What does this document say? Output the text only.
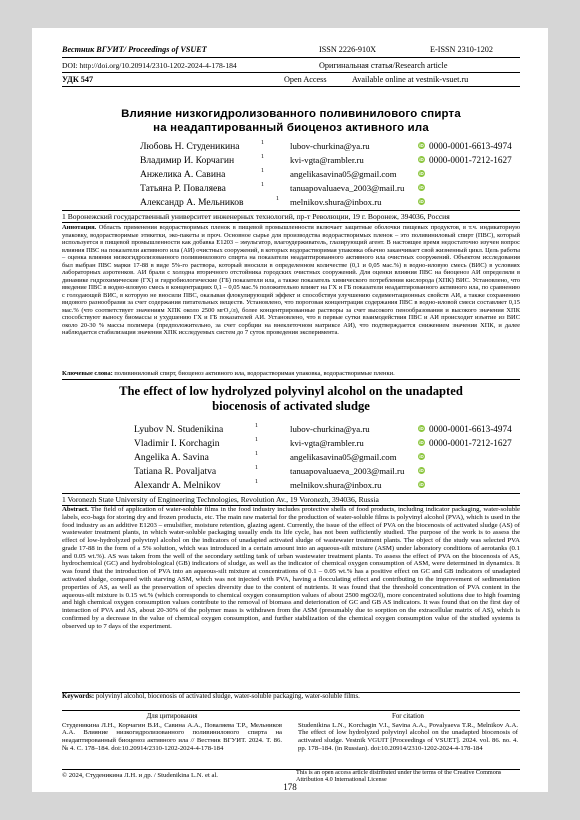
Вестник ВГУИТ/ Proceedings of VSUET	ISSN 2226-910X	E-ISSN 2310-1202
DOI: http://doi.org/10.20914/2310-1202-2024-4-178-184	Оригинальная статья/Research article
УДК 547	Open Access	Available online at vestnik-vsuet.ru
Влияние низкогидролизованного поливинилового спирта
на неадаптированный биоценоз активного ила
Любовь Н. Студеникина	1	lubov-churkina@ya.ru	iD 0000-0001-6613-4974
Владимир И. Корчагин	1	kvi-vgta@rambler.ru	iD 0000-0001-7212-1627
Анжелика А. Савина	1	angelikasavina05@gmail.com	iD
Татьяна Р. Поваляева	1	tanuapovaluaeva_2003@mail.ru	iD
Александр А. Мельников	1 melnikov.shura@inbox.ru	iD
1 Воронежский государственный университет инженерных технологий, пр-т Революции, 19 г. Воронеж, 394036, Россия
Аннотация. Область применения водорастворимых пленок в пищевой промышленности включает защитные оболочки пищевых продуктов, в т.ч. индикаторную упаковку, водорастворимые этикетки, эко-пакеты и проч. Основное сырье для производства водорастворимых пленок – это поливиниловый спирт (ПВС), который используется в пищевой промышленности как добавка Е1203 – эмульгатор, влагоудерживатель, глазирующий агент. В настоящее время недостаточно изучен вопрос влияния ПВС на показатели активного ила (АИ) очистных сооружений, в которых водорастворимая упаковка обычно заканчивает свой жизненный цикл. Цель работы – оценка влияния низкогидролизованного поливинилового спирта на показатели неадаптированного активного ила очистных сооружений. Объектом исследования был выбран ПВС марки 17-88 в виде 5%-го раствора, который вносили в определенном количестве (0,1 и 0,05 мас.%) в водно-иловую смесь (ВИС) в условиях лабораторных аэротенков. АИ брали с холодна вторичного отстойника городских очистных сооружений. Для оценки влияния ПВС на биоценоз АИ определяли в динамике гидрохимические (ГХ) и гидробиологические (ГБ) показатели ила, а также показатель химического потребления кислорода (ХПК) ВИС. Установлено, что введение ПВС в водно-иловую смесь в концентрациях 0,1 – 0,05 мас.% положительно влияет на ГХ и ГБ показатели неадаптированного активного ила, по сравнению с голодающей ВИС, в которую не вносили ПВС, оказывая флокулирующий эффект и способствуя улучшению седиментационных свойств АИ, а также сохранению видового разнообразия за счет содержания питательных веществ. Установлено, что пороговая концентрация содержания ПВС в водно-иловой смеси составляет 0,15 мас.% (что соответствует значениям ХПК около 2500 мгO₂/л), более концентрированные растворы за счет высокого пенообразования и высокого значения ХПК способствуют выносу биомассы и ухудшению ГХ и ГБ показателей АИ. Установлено, что в первые сутки взаимодействия ПВС и АИ происходит изъятие из ВИС около 20-30 % массы полимера (предположительно, за счет сорбции на внеклеточном матриксе АИ), что подтверждается снижением значения ХПК, и далее наблюдается стабилизация значения ХПК исследуемых систем до 7 суток проведения эксперимента.
Ключевые слова: поливиниловый спирт, биоценоз активного ила, водорастворимая упаковка, водорастворимые пленки.
The effect of low hydrolyzed polyvinyl alcohol on the unadapted
biocenosis of activated sludge
Lyubov N. Studenikina	1	lubov-churkina@ya.ru	iD 0000-0001-6613-4974
Vladimir I. Korchagin	1	kvi-vgta@rambler.ru	iD 0000-0001-7212-1627
Angelika A. Savina	1	angelikasavina05@gmail.com	iD
Tatiana R. Povaljatva	1	tanuapovaluaeva_2003@mail.ru	iD
Alexandr A. Melnikov	1	melnikov.shura@inbox.ru	iD
1 Voronezh State University of Engineering Technologies, Revolution Av., 19 Voronezh, 394036, Russia
Abstract. The field of application of water-soluble films in the food industry includes protective shells of food products, including indicator packaging, water-soluble labels, eco-bags for storing dry and frozen products, etc. The main raw material for the production of water-soluble films is polyvinyl alcohol (PVA), which is used in the food industry as an additive E1203 – emulsifier, moisture retention, glazing agent. Currently, the issue of the effect of PVA on the biocenosis of activated sludge (AS) of wastewater treatment plants, in which water-soluble packaging usually ends its life cycle, has not been sufficiently studied. The purpose of the work is to assess the effect of low-hydrolyzed polyvinyl alcohol on the indicators of unadapted activated sludge of wastewater treatment plants. The object of the study was selected PVA grade 17-88 in the form of a 5% solution, which was introduced in a certain amount into an aqueous-silt mixture (ASM) under laboratory conditions of aerotanks (0.1 and 0.05 wt.%). AS was taken from the well of the secondary settling tank of urban wastewater treatment plants. To assess the effect of PVA on the biocenosis of AS, hydrochemical (GC) and hydrobiological (GB) indicators of sludge, as well as the indicator of chemical oxygen consumption of ASM, were determined in dynamics. It was found that the introduction of PVA into an aqueous-silt mixture at concentrations of 0.1 – 0.05 wt.% has a positive effect on GC and GB indicators of unadapted activated sludge, compared with starving ASM, which was not injected with PVA, having a flocculating effect and contributing to the improvement of sedimentation properties of AS, as well as the preservation of species diversity due to the content of nutrients. It was found that the threshold concentration of PVA content in the aqueous-silt mixture is 0.15 wt.% (which corresponds to chemical oxygen consumption values of about 2500 mgO2/l), more concentrated solutions due to high foaming and high chemical oxygen consumption values contribute to the removal of biomass and deterioration of GC and GB AS indicators. It was found that on the first day of interaction of PVA and AS, about 20-30% of the polymer mass is withdrawn from the ASM (presumably due to sorption on the extracellular matrix of AS), which is confirmed by a decrease in the value of chemical oxygen consumption, and further stabilization of the chemical oxygen consumption value of the studied systems is observed up to 7 days of the experiment.
Keywords: polyvinyl alcohol, biocenosis of activated sludge, water-soluble packaging, water-soluble films.
Для цитирования
Студеникина Л.Н., Корчагин В.И., Савина А.А., Поваляева Т.Р., Мельников А.А. Влияние низкогидролизованного поливинилового спирта на неадаптированный биоценоз активного ила // Вестник ВГУИТ. 2024. Т. 86. № 4. С. 178–184. doi:10.20914/2310-1202-2024-4-178-184
For citation
Studenikina L.N., Korchagin V.I., Savina A.A., Povalyaeva T.R., Melnikov A.A. The effect of low hydrolyzed polyvinyl alcohol on the unadapted biocenosis of activated sludge. Vestnik VGUIT [Proceedings of VSUET]. 2024. vol. 86. no. 4. pp. 178–184. (in Russian). doi:10.20914/2310-1202-2024-4-178-184
© 2024, Студеникина Л.Н. и др. / Studenikina L.N. et al.	This is an open access article distributed under the terms of the Creative Commons Attribution 4.0 International License
178
